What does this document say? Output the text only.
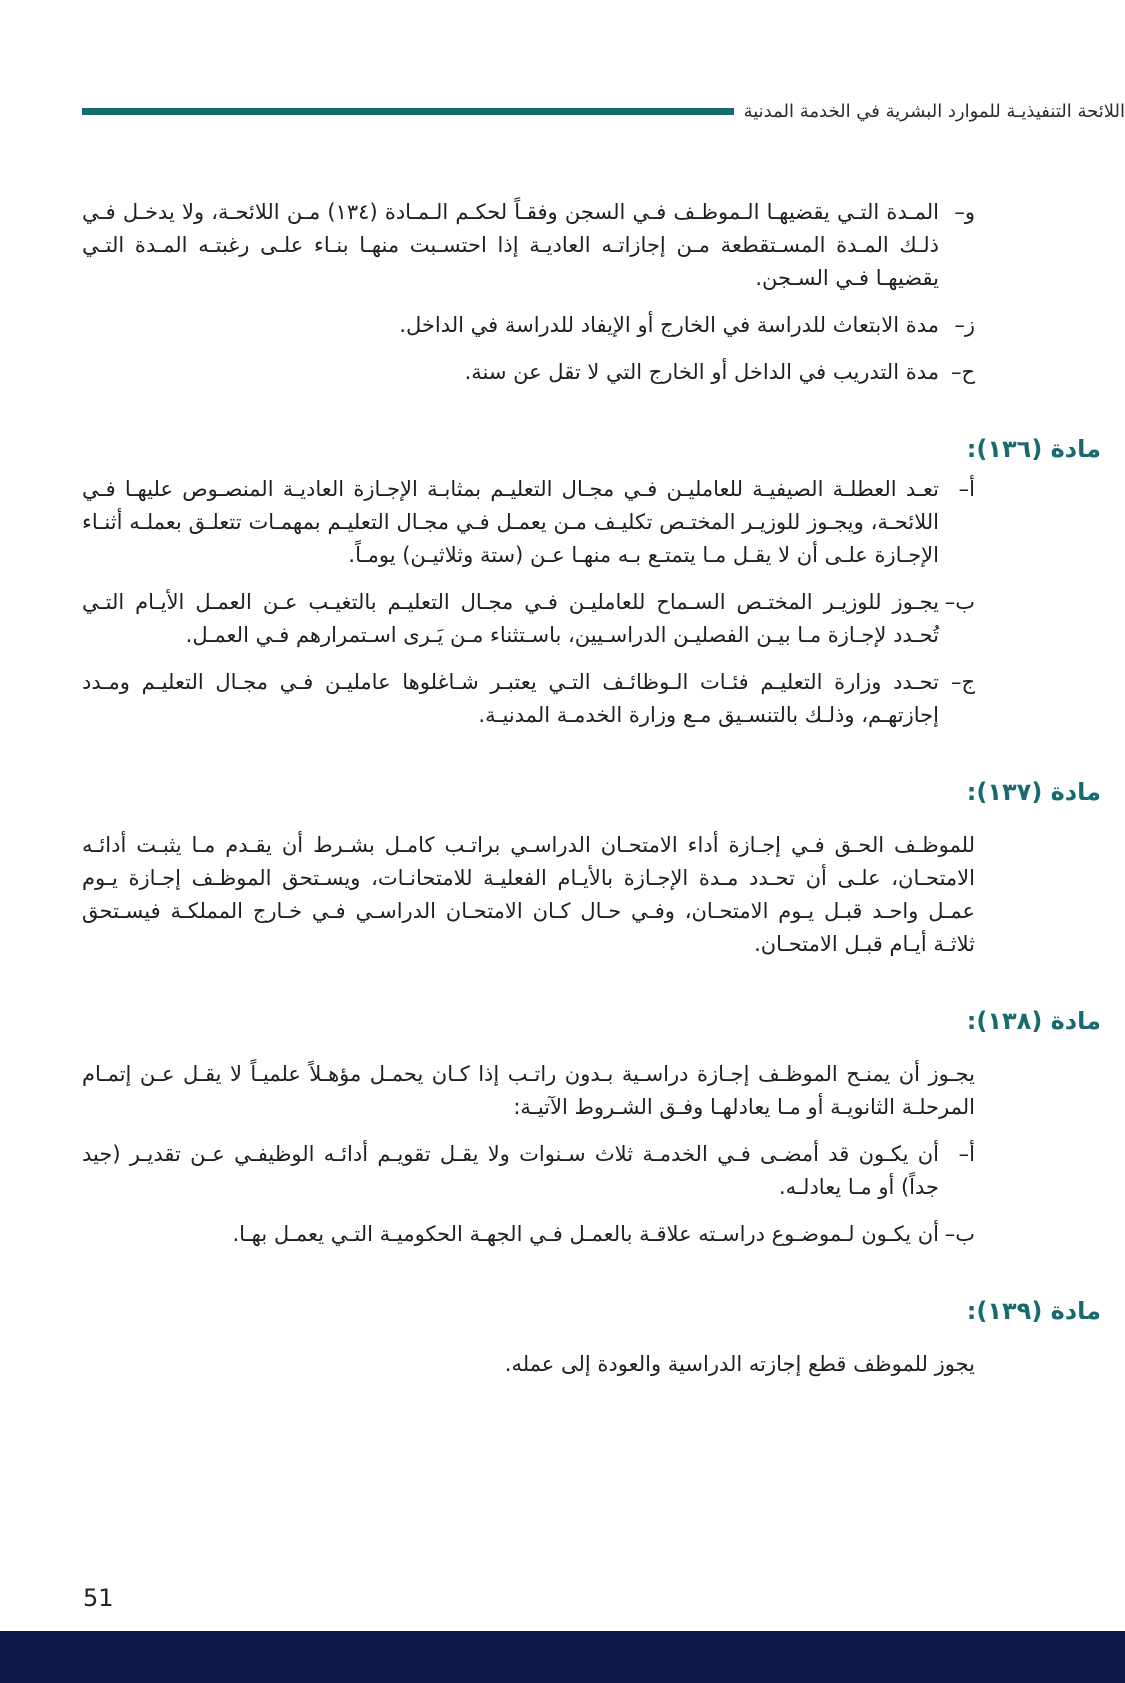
اللائحة التنفيذيـة للموارد البشرية في الخدمة المدنية
و–
المـدة التـي يقضيهـا الـموظـف فـي السجن وفقـاً لحكـم الـمـادة (١٣٤) مـن اللائحـة، ولا يدخـل فـي ذلـك المـدة المسـتقطعة مـن إجازاتـه العاديـة إذا احتسـبت منهـا بنـاء علـى رغبتـه المـدة التـي يقضيهـا فـي السـجن.
ز–
مدة الابتعاث للدراسة في الخارج أو الإيفاد للدراسة في الداخل.
ح–
مدة التدريب في الداخل أو الخارج التي لا تقل عن سنة.
مادة (١٣٦):
أ–
تعـد العطلـة الصيفيـة للعامليـن فـي مجـال التعليـم بمثابـة الإجـازة العاديـة المنصـوص عليهـا فـي اللائحـة، ويجـوز للوزيـر المختـص تكليـف مـن يعمـل فـي مجـال التعليـم بمهمـات تتعلـق بعملـه أثنـاء الإجـازة علـى أن لا يقـل مـا يتمتـع بـه منهـا عـن (ستة وثلاثيـن) يومـاً.
ب–
يجـوز للوزيـر المختـص السـماح للعامليـن فـي مجـال التعليـم بالتغيـب عـن العمـل الأيـام التـي تُحـدد لإجـازة مـا بيـن الفصليـن الدراسـيين، باسـتثناء مـن يَـرى اسـتمرارهم فـي العمـل.
ج–
تحـدد وزارة التعليـم فئـات الـوظائـف التـي يعتبـر شـاغلوها عامليـن فـي مجـال التعليـم ومـدد إجازتهـم، وذلـك بالتنسـيق مـع وزارة الخدمـة المدنيـة.
مادة (١٣٧):

للموظـف الحـق فـي إجـازة أداء الامتحـان الدراسـي براتـب كامـل بشـرط أن يقـدم مـا يثبـت أدائـه الامتحـان، علـى أن تحـدد مـدة الإجـازة بالأيـام الفعليـة للامتحانـات، ويسـتحق الموظـف إجـازة يـوم عمـل واحـد قبـل يـوم الامتحـان، وفـي حـال كـان الامتحـان الدراسـي فـي خـارج المملكـة فيسـتحق ثلاثـة أيـام قبـل الامتحـان.

مادة (١٣٨):

يجـوز أن يمنـح الموظـف إجـازة دراسـية بـدون راتـب إذا كـان يحمـل مؤهـلاً علميـاً لا يقـل عـن إتمـام المرحلـة الثانويـة أو مـا يعادلهـا وفـق الشـروط الآتيـة:

أ–
أن يكـون قد أمضـى فـي الخدمـة ثلاث سـنوات ولا يقـل تقويـم أدائـه الوظيفـي عـن تقديـر (جيد جداً) أو مـا يعادلـه.
ب–
أن يكـون لـموضـوع دراسـته علاقـة بالعمـل فـي الجهـة الحكوميـة التـي يعمـل بهـا.
مادة (١٣٩):

يجوز للموظف قطع إجازته الدراسية والعودة إلى عمله.

51
